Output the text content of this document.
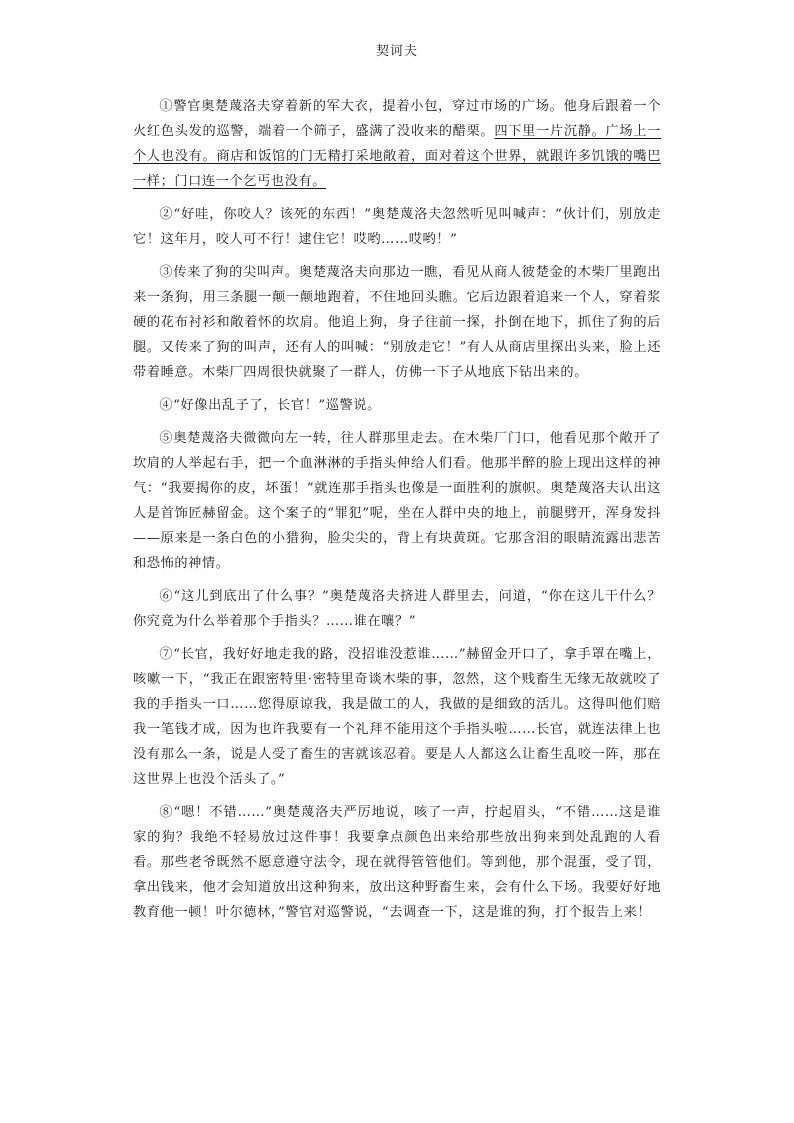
契诃夫

①警官奥楚蔑洛夫穿着新的军大衣，提着小包，穿过市场的广场。他身后跟着一个火红色头发的巡警，端着一个筛子，盛满了没收来的醋栗。四下里一片沉静。广场上一个人也没有。商店和饭馆的门无精打采地敞着，面对着这个世界，就跟许多饥饿的嘴巴一样；门口连一个乞丐也没有。

②“好哇，你咬人？该死的东西！”奥楚蔑洛夫忽然听见叫喊声：“伙计们，别放走它！这年月，咬人可不行！逮住它！哎哟……哎哟！”

③传来了狗的尖叫声。奥楚蔑洛夫向那边一瞧，看见从商人彼楚金的木柴厂里跑出来一条狗，用三条腿一颠一颠地跑着，不住地回头瞧。它后边跟着追来一个人，穿着浆硬的花布衬衫和敞着怀的坎肩。他追上狗，身子往前一探，扑倒在地下，抓住了狗的后腿。又传来了狗的叫声，还有人的叫喊：“别放走它！”有人从商店里探出头来，脸上还带着睡意。木柴厂四周很快就聚了一群人，仿佛一下子从地底下钻出来的。

④“好像出乱子了，长官！”巡警说。

⑤奥楚蔑洛夫微微向左一转，往人群那里走去。在木柴厂门口，他看见那个敞开了坎肩的人举起右手，把一个血淋淋的手指头伸给人们看。他那半醉的脸上现出这样的神气：“我要揭你的皮，坏蛋！”就连那手指头也像是一面胜利的旗帜。奥楚蔑洛夫认出这人是首饰匠赫留金。这个案子的“罪犯”呢，坐在人群中央的地上，前腿劈开，浑身发抖——原来是一条白色的小猎狗，脸尖尖的，背上有块黄斑。它那含泪的眼睛流露出悲苦和恐怖的神情。

⑥“这儿到底出了什么事？”奥楚蔑洛夫挤进人群里去，问道，“你在这儿干什么？你究竟为什么举着那个手指头？……谁在嚷？”

⑦“长官，我好好地走我的路，没招谁没惹谁……”赫留金开口了，拿手罩在嘴上，咳嗽一下，“我正在跟密特里·密特里奇谈木柴的事，忽然，这个贱畜生无缘无故就咬了我的手指头一口……您得原谅我，我是做工的人，我做的是细致的活儿。这得叫他们赔我一笔钱才成，因为也许我要有一个礼拜不能用这个手指头啦……长官，就连法律上也没有那么一条，说是人受了畜生的害就该忍着。要是人人都这么让畜生乱咬一阵，那在这世界上也没个活头了。”

⑧“嗯！不错……”奥楚蔑洛夫严厉地说，咳了一声，拧起眉头，“不错……这是谁家的狗？我绝不轻易放过这件事！我要拿点颜色出来给那些放出狗来到处乱跑的人看看。那些老爷既然不愿意遵守法令，现在就得管管他们。等到他，那个混蛋，受了罚，拿出钱来，他才会知道放出这种狗来，放出这种野畜生来，会有什么下场。我要好好地教育他一顿！叶尔德林，”警官对巡警说，“去调查一下，这是谁的狗，打个报告上来！
